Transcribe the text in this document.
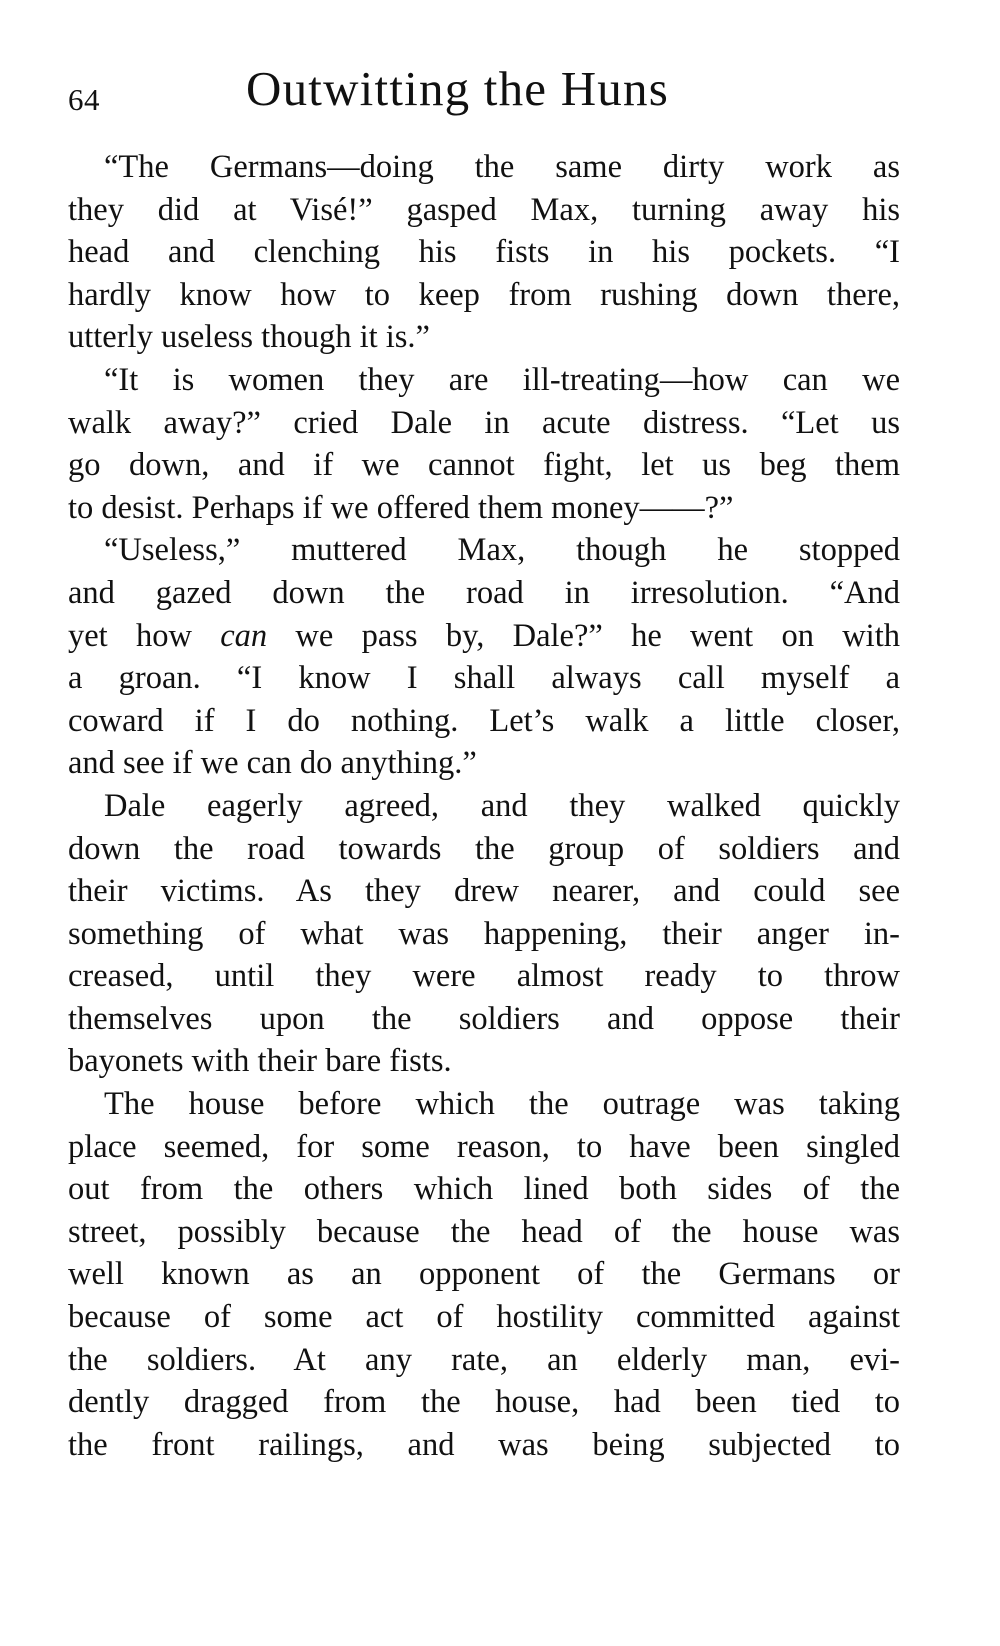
64	Outwitting the Huns
“The Germans—doing the same dirty work as
they did at Visé!” gasped Max, turning away his
head and clenching his fists in his pockets. “I
hardly know how to keep from rushing down there,
utterly useless though it is.”
“It is women they are ill-treating—how can we
walk away?” cried Dale in acute distress. “Let us
go down, and if we cannot fight, let us beg them
to desist. Perhaps if we offered them money——?”
“Useless,” muttered Max, though he stopped
and gazed down the road in irresolution. “And
yet how can we pass by, Dale?” he went on with
a groan. “I know I shall always call myself a
coward if I do nothing. Let’s walk a little closer,
and see if we can do anything.”
Dale eagerly agreed, and they walked quickly
down the road towards the group of soldiers and
their victims. As they drew nearer, and could see
something of what was happening, their anger in-
creased, until they were almost ready to throw
themselves upon the soldiers and oppose their
bayonets with their bare fists.
The house before which the outrage was taking
place seemed, for some reason, to have been singled
out from the others which lined both sides of the
street, possibly because the head of the house was
well known as an opponent of the Germans or
because of some act of hostility committed against
the soldiers. At any rate, an elderly man, evi-
dently dragged from the house, had been tied to
the front railings, and was being subjected to
